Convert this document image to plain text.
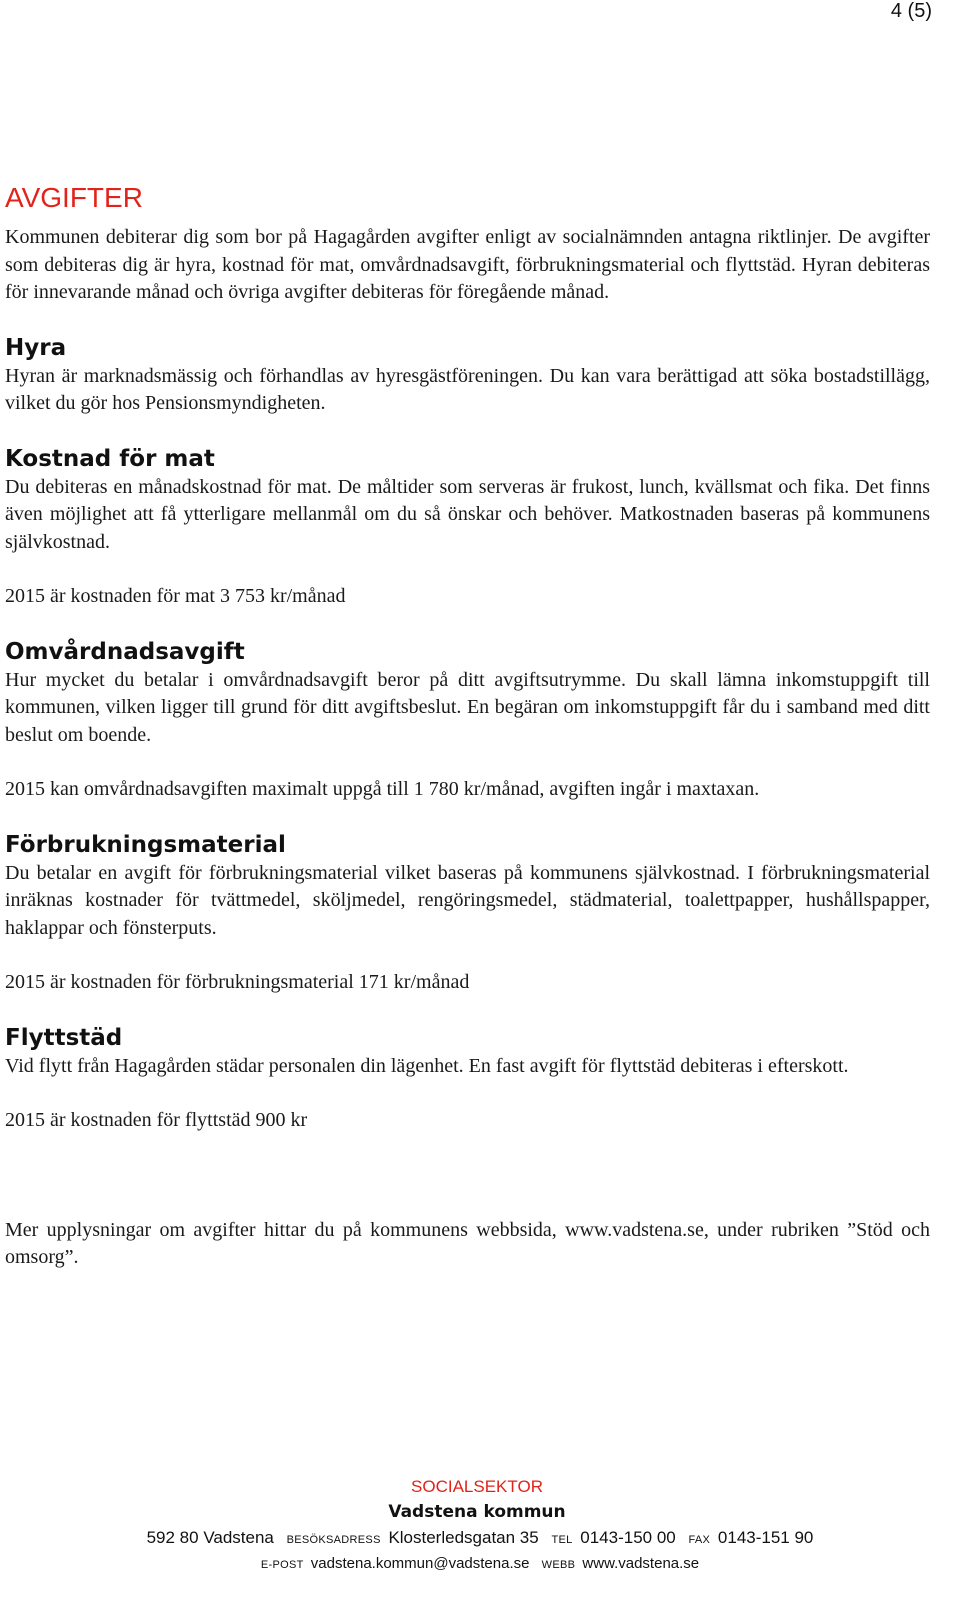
4 (5)
AVGIFTER

Kommunen debiterar dig som bor på Hagagården avgifter enligt av socialnämnden antagna riktlinjer. De avgifter som debiteras dig är hyra, kostnad för mat, omvårdnadsavgift, förbrukningsmaterial och flyttstäd. Hyran debiteras för innevarande månad och övriga avgifter debiteras för föregående månad.

Hyra

Hyran är marknadsmässig och förhandlas av hyresgästföreningen. Du kan vara berättigad att söka bostadstillägg, vilket du gör hos Pensionsmyndigheten.

Kostnad för mat

Du debiteras en månadskostnad för mat. De måltider som serveras är frukost, lunch, kvällsmat och fika. Det finns även möjlighet att få ytterligare mellanmål om du så önskar och behöver. Matkostnaden baseras på kommunens självkostnad.

2015 är kostnaden för mat 3 753 kr/månad

Omvårdnadsavgift

Hur mycket du betalar i omvårdnadsavgift beror på ditt avgiftsutrymme. Du skall lämna inkomstuppgift till kommunen, vilken ligger till grund för ditt avgiftsbeslut. En begäran om inkomstuppgift får du i samband med ditt beslut om boende.

2015 kan omvårdnadsavgiften maximalt uppgå till 1 780 kr/månad, avgiften ingår i maxtaxan.

Förbrukningsmaterial

Du betalar en avgift för förbrukningsmaterial vilket baseras på kommunens självkostnad. I förbrukningsmaterial inräknas kostnader för tvättmedel, sköljmedel, rengöringsmedel, städmaterial, toalettpapper, hushållspapper, haklappar och fönsterputs.

2015 är kostnaden för förbrukningsmaterial 171 kr/månad

Flyttstäd

Vid flytt från Hagagården städar personalen din lägenhet. En fast avgift för flyttstäd debiteras i efterskott.

2015 är kostnaden för flyttstäd 900 kr

Mer upplysningar om avgifter hittar du på kommunens webbsida, www.vadstena.se, under rubriken ”Stöd och omsorg”.

SOCIALSEKTOR
Vadstena kommun
592 80 Vadstena BESÖKSADRESS Klosterledsgatan 35 TEL 0143-150 00 FAX 0143-151 90
E-POST vadstena.kommun@vadstena.se WEBB www.vadstena.se
